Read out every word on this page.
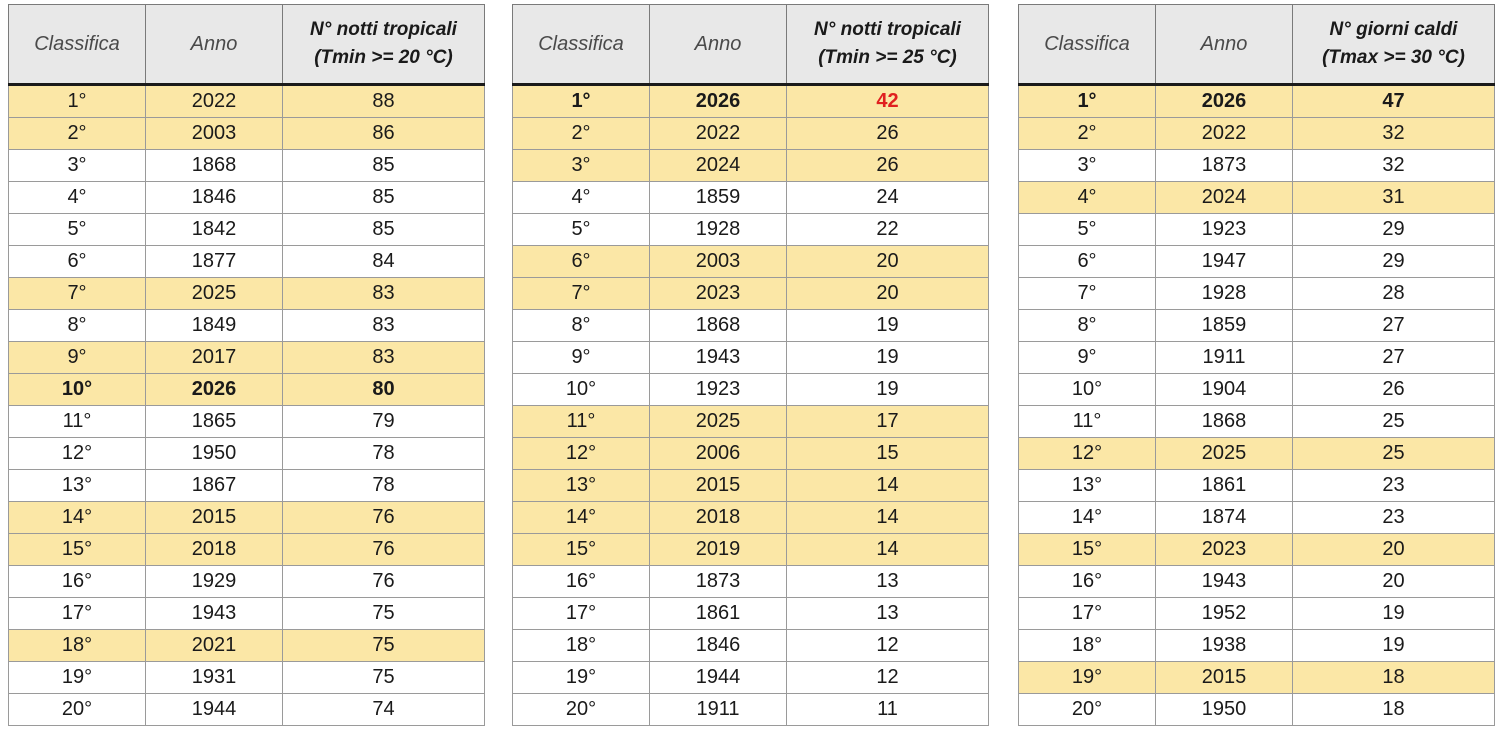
Classifica	Anno	N° notti tropicali
(Tmin >= 20 °C)

1°	2022	88
2°	2003	86
3°	1868	85
4°	1846	85
5°	1842	85
6°	1877	84
7°	2025	83
8°	1849	83
9°	2017	83
10°	2026	80
11°	1865	79
12°	1950	78
13°	1867	78
14°	2015	76
15°	2018	76
16°	1929	76
17°	1943	75
18°	2021	75
19°	1931	75
20°	1944	74
Classifica	Anno	N° notti tropicali
(Tmin >= 25 °C)

1°	2026	42
2°	2022	26
3°	2024	26
4°	1859	24
5°	1928	22
6°	2003	20
7°	2023	20
8°	1868	19
9°	1943	19
10°	1923	19
11°	2025	17
12°	2006	15
13°	2015	14
14°	2018	14
15°	2019	14
16°	1873	13
17°	1861	13
18°	1846	12
19°	1944	12
20°	1911	11
Classifica	Anno	N° giorni caldi
(Tmax >= 30 °C)

1°	2026	47
2°	2022	32
3°	1873	32
4°	2024	31
5°	1923	29
6°	1947	29
7°	1928	28
8°	1859	27
9°	1911	27
10°	1904	26
11°	1868	25
12°	2025	25
13°	1861	23
14°	1874	23
15°	2023	20
16°	1943	20
17°	1952	19
18°	1938	19
19°	2015	18
20°	1950	18
